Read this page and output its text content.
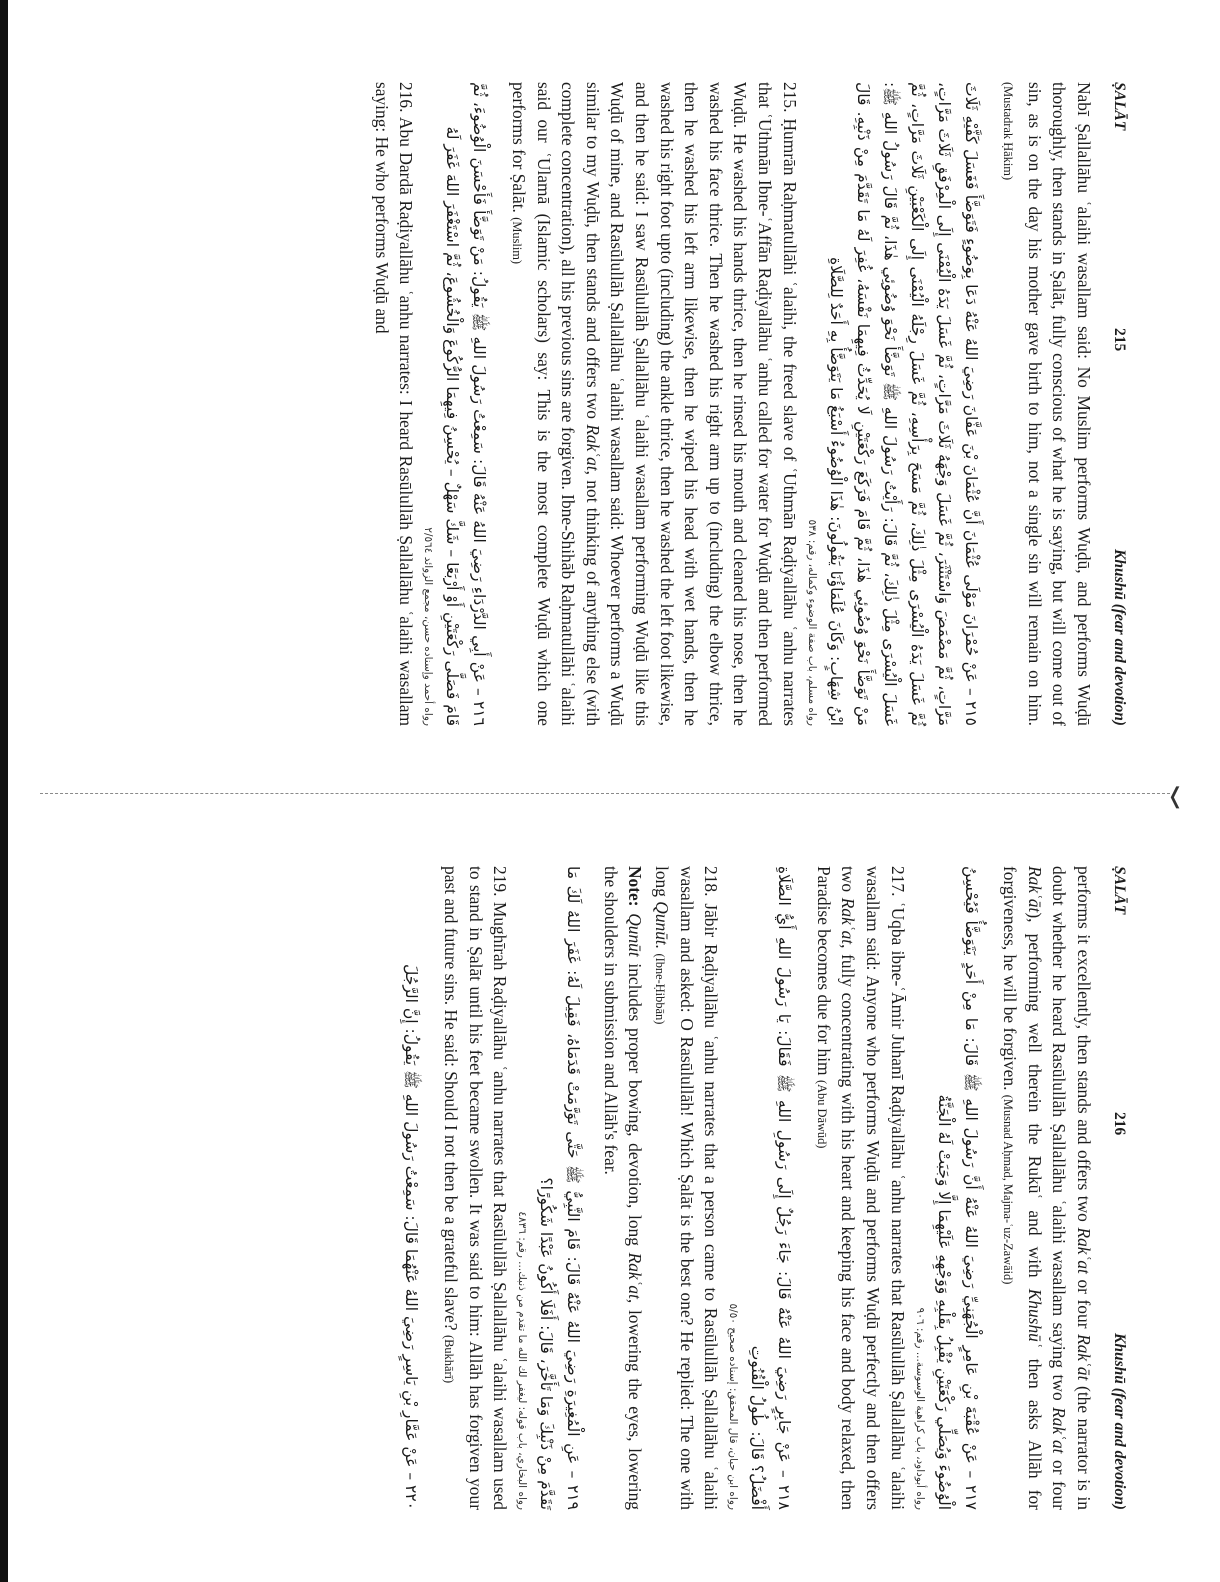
❬
ṢALĀT
215
Khushū (fear and devotion)

Nabī Ṣallallāhu ʿalaihi wasallam said: No Muslim performs Wuḍū, and performs Wuḍū thoroughly, then stands in Ṣalāt, fully conscious of what he is saying, but will come out of sin, as is on the day his mother gave birth to him, not a single sin will remain on him. (Mustadrak Ḥākim)

٢١٥ – عَنْ حُمْرَانَ مَوْلَى عُثْمَانَ أَنَّ عُثْمَانَ بْنَ عَفَّانَ رَضِيَ اللهُ عَنْهُ دَعَا بِوَضُوءٍ فَتَوَضَّأَ فَغَسَلَ كَفَّيْهِ ثَلَاثَ مَرَّاتٍ، ثُمَّ مَضْمَضَ وَاسْتَنْثَرَ، ثُمَّ غَسَلَ وَجْهَهُ ثَلَاثَ مَرَّاتٍ، ثُمَّ غَسَلَ يَدَهُ الْيُمْنَى إِلَى الْمِرْفَقِ ثَلَاثَ مَرَّاتٍ، ثُمَّ غَسَلَ يَدَهُ الْيُسْرَى مِثْلَ ذٰلِكَ، ثُمَّ مَسَحَ بِرَأْسِهِ، ثُمَّ غَسَلَ رِجْلَهُ الْيُمْنَى إِلَى الْكَعْبَيْنِ ثَلَاثَ مَرَّاتٍ، ثُمَّ غَسَلَ الْيُسْرَى مِثْلَ ذٰلِكَ، ثُمَّ قَالَ: رَأَيْتُ رَسُولَ اللهِ ﷺ تَوَضَّأَ نَحْوَ وُضُوئِي هٰذَا، ثُمَّ قَالَ رَسُولُ اللهِ ﷺ: مَنْ تَوَضَّأَ نَحْوَ وُضُوئِي هٰذَا، ثُمَّ قَامَ فَرَكَعَ رَكْعَتَيْنِ لَا يُحَدِّثُ فِيهِمَا نَفْسَهُ، غُفِرَ لَهُ مَا تَقَدَّمَ مِنْ ذَنْبِهِ. قَالَ ابْنُ شِهَابٍ: وَكَانَ عُلَمَاؤُنَا يَقُولُونَ: هٰذَا الْوُضُوءُ أَسْبَغُ مَا يَتَوَضَّأُ بِهِ أَحَدٌ لِلصَّلَاةِ

رواه مسلم، باب صفة الوضوء وكماله، رقم: ٥٣٨

215. Ḥumrān Raḥmatullāhi ʿalaihi, the freed slave of ʿUthmān Raḍiyallāhu ʿanhu narrates that ʿUthmān Ibne-ʿAffān Raḍiyallāhu ʿanhu called for water for Wuḍū and then performed Wuḍū. He washed his hands thrice, then he rinsed his mouth and cleaned his nose, then he washed his face thrice. Then he washed his right arm up to (including) the elbow thrice, then he washed his left arm likewise, then he wiped his head with wet hands, then he washed his right foot upto (including) the ankle thrice, then he washed the left foot likewise, and then he said: I saw Rasūlullāh Ṣallallāhu ʿalaihi wasallam performing Wuḍū like this Wuḍū of mine, and Rasūlullāh Ṣallallāhu ʿalaihi wasallam said: Whoever performs a Wuḍū similar to my Wuḍū, then stands and offers two Rakʿat, not thinking of anything else (with complete concentration), all his previous sins are forgiven. Ibne-Shihāb Raḥmatullāhi ʿalaihi said our ʿUlamā (Islamic scholars) say: This is the most complete Wuḍū which one performs for Ṣalāt. (Muslim)

٢١٦ – عَنْ أَبِي الدَّرْدَاءِ رَضِيَ اللهُ عَنْهُ قَالَ: سَمِعْتُ رَسُولَ اللهِ ﷺ يَقُولُ: مَنْ تَوَضَّأَ فَأَحْسَنَ الْوُضُوءَ، ثُمَّ قَامَ فَصَلَّى رَكْعَتَيْنِ أَوْ أَرْبَعًا – شَكَّ سَهْلٌ – يُحْسِنُ فِيهِمَا الرُّكُوعَ وَالْخُشُوعَ، ثُمَّ اسْتَغْفَرَ اللهَ غَفَرَ لَهُ

رواه أحمد وإسناده حسن، مجمع الزوائد ٢/٥٦٤

216. Abu Dardā Raḍiyallāhu ʿanhu narrates: I heard Rasūlullāh Ṣallallāhu ʿalaihi wasallam saying: He who performs Wuḍū and

ṢALĀT
216
Khushū (fear and devotion)

performs it excellently, then stands and offers two Rakʿat or four Rakʿāt (the narrator is in doubt whether he heard Rasūlullāh Ṣallallāhu ʿalaihi wasallam saying two Rakʿat or four Rakʿāt), performing well therein the Rukūʿ and with Khushūʿ then asks Allāh for forgiveness, he will be forgiven. (Musnad Aḥmad, Majma-ʿuz-Zawāid)

٢١٧ – عَنْ عُقْبَةَ بْنِ عَامِرٍ الْجُهَنِيِّ رَضِيَ اللهُ عَنْهُ أَنَّ رَسُولَ اللهِ ﷺ قَالَ: مَا مِنْ أَحَدٍ يَتَوَضَّأُ فَيُحْسِنُ الْوُضُوءَ وَيُصَلِّي رَكْعَتَيْنِ يُقْبِلُ بِقَلْبِهِ وَوَجْهِهِ عَلَيْهِمَا إِلَّا وَجَبَتْ لَهُ الْجَنَّةُ

رواه أبوداود، باب كراهية الوسوسة... رقم: ٩٠٦

217. ʿUqba ibne-ʿĀmir Juhanī Raḍiyallāhu ʿanhu narrates that Rasūlullāh Ṣallallāhu ʿalaihi wasallam said: Anyone who performs Wuḍū and performs Wuḍū perfectly and then offers two Rakʿat, fully concentrating with his heart and keeping his face and body relaxed, then Paradise becomes due for him (Abu Dāwūd)

٢١٨ – عَنْ جَابِرٍ رَضِيَ اللهُ عَنْهُ قَالَ: جَاءَ رَجُلٌ إِلَى رَسُولِ اللهِ ﷺ فَقَالَ: يَا رَسُولَ اللهِ أَيُّ الصَّلَاةِ أَفْضَلُ؟ قَالَ: طُولُ الْقُنُوتِ

رواه ابن حبان، قال المحقق: إسناده صحيح ٥/٥٠

218. Jābir Raḍiyallāhu ʿanhu narrates that a person came to Rasūlullāh Ṣallallāhu ʿalaihi wasallam and asked: O Rasūlullāh! Which Ṣalāt is the best one? He replied: The one with long Qunūt. (Ibne-Ḥibbān)

Note: Qunūt includes proper bowing, devotion, long Rakʿat, lowering the eyes, lowering the shoulders in submission and Allāh's fear.

٢١٩ – عَنِ الْمُغِيرَةِ رَضِيَ اللهُ عَنْهُ قَالَ: قَامَ النَّبِيُّ ﷺ حَتَّى تَوَرَّمَتْ قَدَمَاهُ، فَقِيلَ لَهُ: غَفَرَ اللهُ لَكَ مَا تَقَدَّمَ مِنْ ذَنْبِكَ وَمَا تَأَخَّرَ، قَالَ: أَفَلَا أَكُونُ عَبْدًا شَكُورًا؟

رواه البخاري، باب قوله: ليغفر لك الله ما تقدم من ذنبك... رقم: ٤٨٣٦

219. Mughīrah Raḍiyallāhu ʿanhu narrates that Rasūlullāh Ṣallallāhu ʿalaihi wasallam used to stand in Ṣalāt until his feet became swollen. It was said to him: Allāh has forgiven your past and future sins. He said: Should I not then be a grateful slave? (Bukhārī)

٢٢٠ – عَنْ عَمَّارِ بْنِ يَاسِرٍ رَضِيَ اللهُ عَنْهُمَا قَالَ: سَمِعْتُ رَسُولَ اللهِ ﷺ يَقُولُ: إِنَّ الرَّجُلَ
